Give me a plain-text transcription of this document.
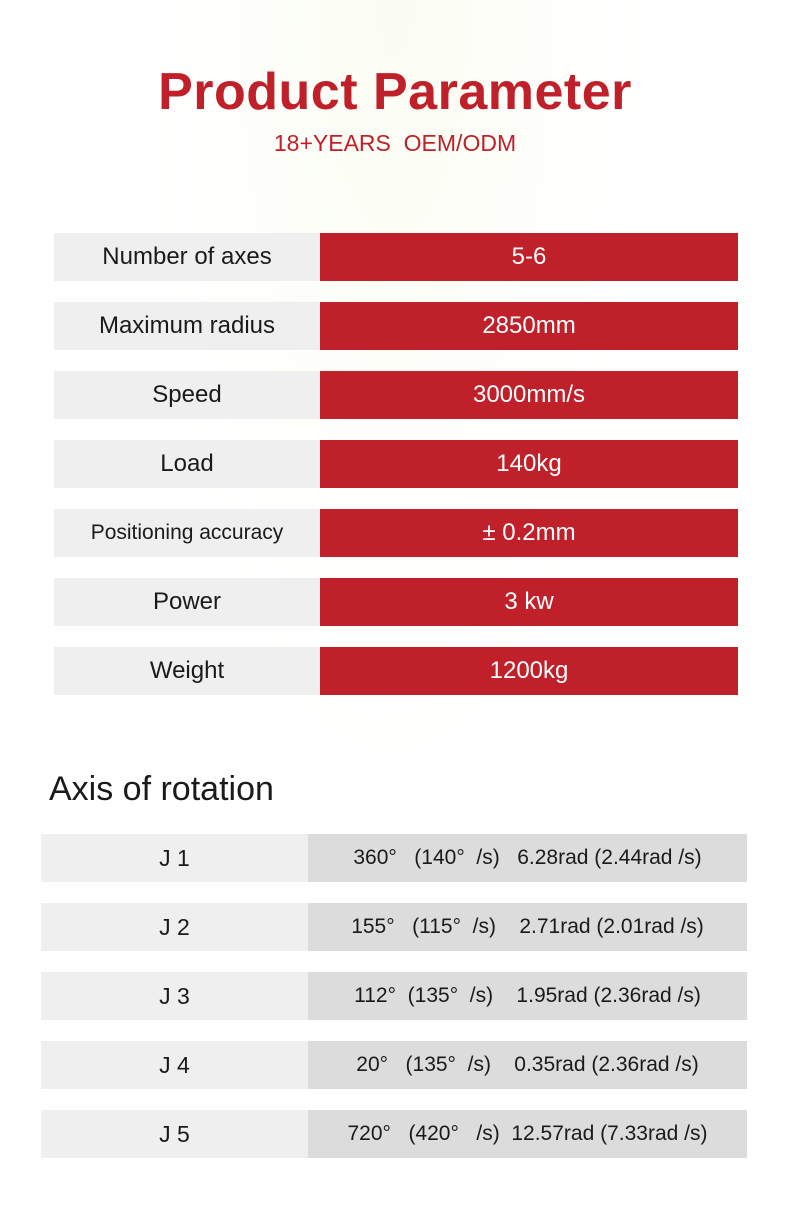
Product Parameter
18+YEARS  OEM/ODM
Number of axes	5-6
Maximum radius	2850mm
Speed	3000mm/s
Load	140kg
Positioning accuracy	± 0.2mm
Power	3 kw
Weight	1200kg
Axis of rotation
J 1	360°   (140°  /s)   6.28rad (2.44rad /s)
J 2	155°   (115°  /s)    2.71rad (2.01rad /s)
J 3	112°  (135°  /s)    1.95rad (2.36rad /s)
J 4	20°   (135°  /s)    0.35rad (2.36rad /s)
J 5	720°   (420°   /s)  12.57rad (7.33rad /s)
